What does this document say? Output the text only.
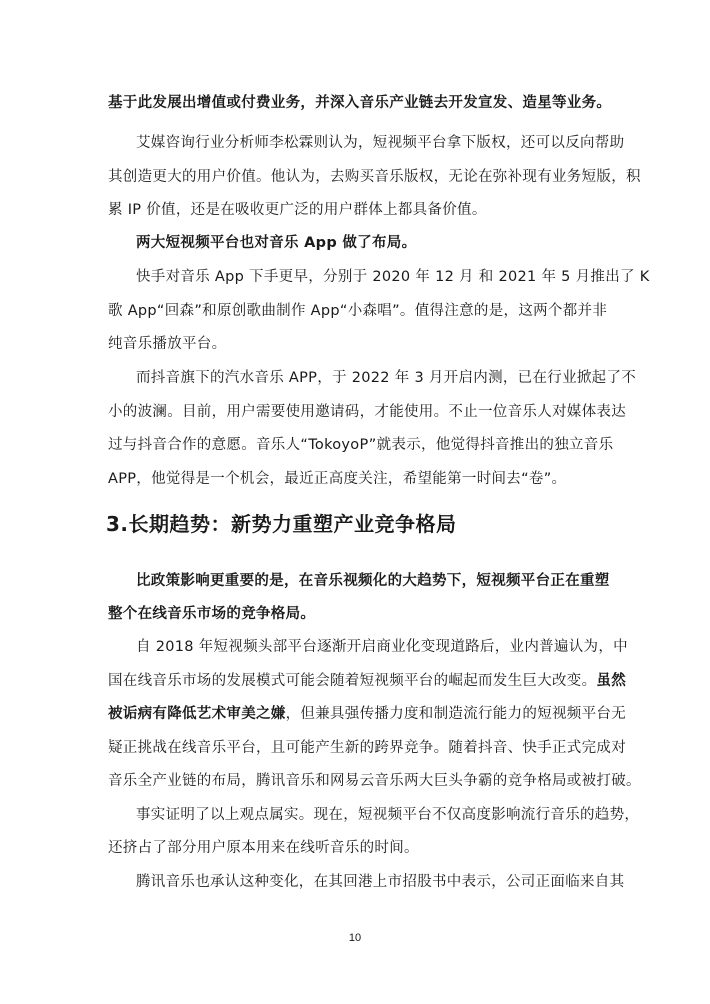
基于此发展出增值或付费业务，并深入音乐产业链去开发宣发、造星等业务。
艾媒咨询行业分析师李松霖则认为，短视频平台拿下版权，还可以反向帮助
其创造更大的用户价值。他认为，去购买音乐版权，无论在弥补现有业务短版，积
累 IP 价值，还是在吸收更广泛的用户群体上都具备价值。
两大短视频平台也对音乐 App 做了布局。
快手对音乐 App 下手更早，分别于 2020 年 12 月 和 2021 年 5 月推出了 K
歌 App“回森”和原创歌曲制作 App“小森唱”。值得注意的是，这两个都并非
纯音乐播放平台。
而抖音旗下的汽水音乐 APP，于 2022 年 3 月开启内测，已在行业掀起了不
小的波澜。目前，用户需要使用邀请码，才能使用。不止一位音乐人对媒体表达
过与抖音合作的意愿。音乐人“TokoyoP”就表示，他觉得抖音推出的独立音乐
APP，他觉得是一个机会，最近正高度关注，希望能第一时间去“卷”。
3.长期趋势：新势力重塑产业竞争格局
比政策影响更重要的是，在音乐视频化的大趋势下，短视频平台正在重塑
整个在线音乐市场的竞争格局。
自 2018 年短视频头部平台逐渐开启商业化变现道路后，业内普遍认为，中
国在线音乐市场的发展模式可能会随着短视频平台的崛起而发生巨大改变。虽然
被诟病有降低艺术审美之嫌，但兼具强传播力度和制造流行能力的短视频平台无
疑正挑战在线音乐平台，且可能产生新的跨界竞争。随着抖音、快手正式完成对
音乐全产业链的布局，腾讯音乐和网易云音乐两大巨头争霸的竞争格局或被打破。
事实证明了以上观点属实。现在，短视频平台不仅高度影响流行音乐的趋势，
还挤占了部分用户原本用来在线听音乐的时间。
腾讯音乐也承认这种变化，在其回港上市招股书中表示，公司正面临来自其
10
